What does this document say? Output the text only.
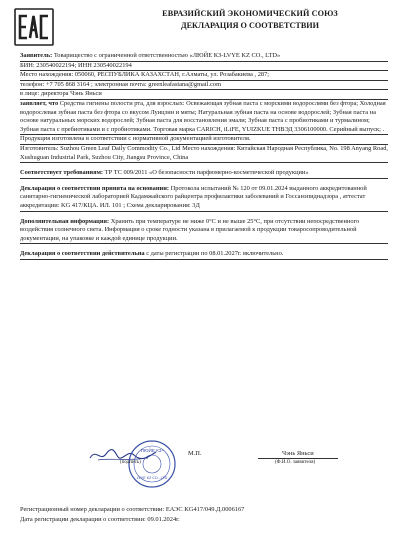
ЕВРАЗИЙСКИЙ ЭКОНОМИЧЕСКИЙ СОЮЗ
ДЕКЛАРАЦИЯ О СООТВЕТСТВИИ

Заявитель: Товарищество с ограниченной ответственностью «ЛЮЙЕ КЗ-LVYE KZ CO., LTD»

БИН: 230540022194; ИНН 230540022194

Место нахождения: 050060, РЕСПУБЛИКА КАЗАХСТАН, г.Алматы, ул. Розабакиева , 287;

телефон: +7 705 868 3164 ; электронная почта: greenleafastana@gmail.com

в лице: директора Чэнь Яньси

заявляет, что Средства гигиены полости рта, для взрослых: Освежающая зубная паста с морскими водорослями без фтора; Холодная водорослевая зубная паста без фтора со вкусом Луицзин и мяты; Натуральная зубная паста на основе водорослей; Зубная паста на основе натуральных морских водорослей; Зубная паста для восстановления эмали; Зубная паста с пробиотиками и турмалином; Зубная паста с пребиотиками и с пробиотиками. Торговая марка CARICH, iLiFE, YUIZKUE ТНВЭД 3306100000. Серийный выпуск; .

Продукция изготовлена в соответствии с нормативной документацией изготовителя.

Изготовитель: Suzhou Green Leaf Daily Commodity Co., Ltd Место нахождения: Китайская Народная Республика, No. 198 Anyang Road, Xushuguan Industrial Park, Suzhou City, Jiangsu Province, China

Соответствует требованиям: ТР ТС 009/2011 «О безопасности парфюмерно-косметической продукции»

Декларация о соответствии принята на основании: Протокола испытаний № 120 от 09.01.2024 выданного аккредитованной санитарно-гигиенической лабораторией Кадамжайского райцентра профилактики заболеваний и Госсанэпиднадзора , аттестат аккредитации: KG 417/КЦА. ИЛ. 101 ; Схема декларирования: 3Д

Дополнительная информация: Хранить при температуре не ниже 0°С и не выше 25°С, при отсутствии непосредственного воздействия солнечного света. Информация о сроке годности указана в прилагаемой к продукции товаросопроводительной документации, на упаковке и каждой единице продукции.

Декларация о соответствии действительна с даты регистрации по 08.01.2027г. включительно.

ЛЮЙЕ КЗ-
LVYE KZ CO., LTD
М.П.	Чэнь Яньси
(подпись)	(Ф.И.О. заявителя)
Регистрационный номер декларации о соответствии: ЕАЭС KG417/049.Д.0006167
Дата регистрации декларации о соответствии: 09.01.2024г.
